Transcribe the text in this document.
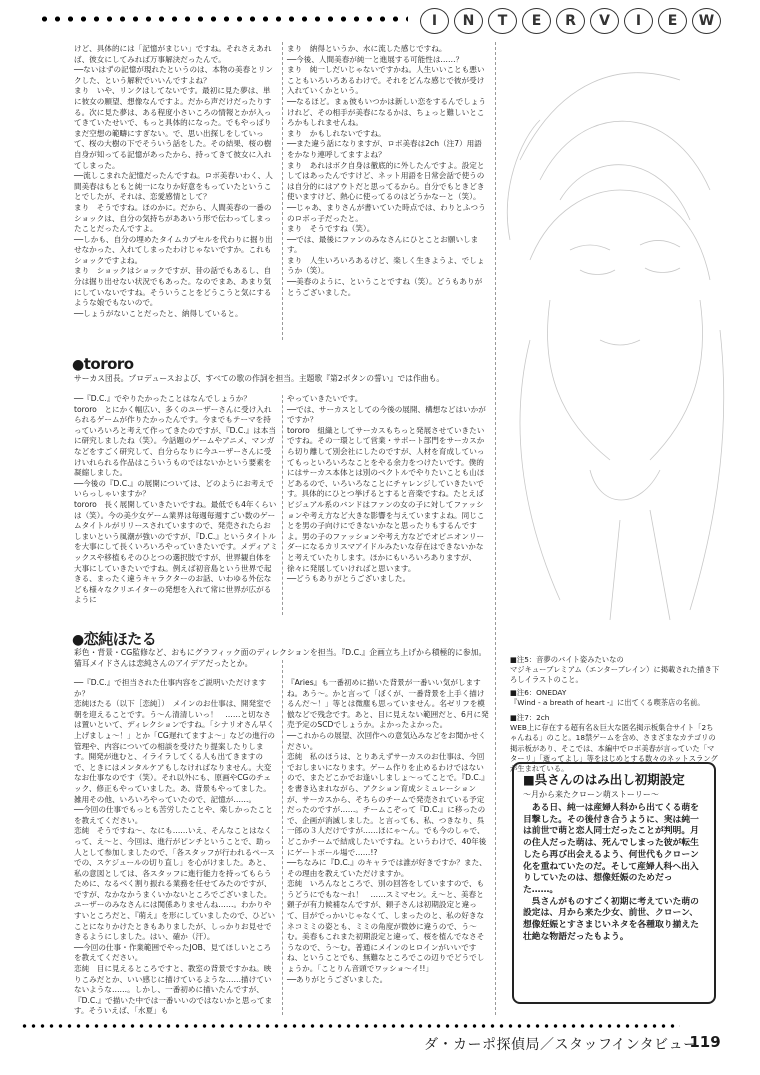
I	N	T	E	R	V	I	E	W
けど、具体的には「記憶がまじい」ですね。それさえあれば、彼女にしてみれば万事解決だったんで。
──ないはずの記憶が現れたというのは、本物の美春とリンクした、という解釈でいいんですよね？
まり　いや、リンクはしてないです。最初に見た夢は、単に彼女の願望、想像なんですよ。だから声だけだったりする。次に見た夢は、ある程度小さいころの情報とかが入ってきていたせいで、もっと具体的になった。でもやっぱりまだ空想の範疇にすぎない。で、思い出探しをしていって、桜の大樹の下でそういう話をした。その結果、桜の樹自身が知ってる記憶があったから、持ってきて彼女に入れてしまった。
──流しこまれた記憶だったんですね。ロボ美春いわく、人間美春はもともと純一になりか好意をもっていたということでしたが、それは、恋愛感情として？
まり　そうですね。ほのかに。だから、人間美春の一番のショックは、自分の気持ちがああいう形で伝わってしまったことだったんですよ。
──しかも、自分の埋めたタイムカプセルを代わりに掘り出せなかった、入れてしまったわけじゃないですか。これもショックですよね。
まり　ショックはショックですが、昔の話でもあるし、自分は掘り出せない状況でもあった。なのでまあ、あまり気にしていないですね。そういうことをどうこうと気にするような娘でもないので。
──しょうがないことだったと、納得していると。
まり　納得というか、水に流した感じですね。
──今後、人間美春が純一と進展する可能性は……？
まり　純一しだいじゃないですかね。人生いいことも悪いこともいろいろあるわけで。それをどんな感じで彼が受け入れていくかという。
──なるほど。まぁ彼もいつかは新しい恋をするんでしょうけれど、その相手が美春になるかは、ちょっと難しいところかもしれませんね。
まり　かもしれないですね。
──また違う話になりますが、ロボ美春は2ch（注7）用語をかなり連呼してますよね？
まり　あれはボク自身は徹底的に外したんですよ。設定としてはあったんですけど、ネット用語を日常会話で使うのは自分的にはアウトだと思ってるから。自分でもときどき使いますけど、熱心に使ってるのはどうかなーと（笑）。
──じゃあ、まりさんが書いていた時点では、わりとふつうのロボっ子だったと。
まり　そうですね（笑）。
──では、最後にファンのみなさんにひとことお願いします。
まり　人生いろいろあるけど、楽しく生きようよ、でしょうか（笑）。
──美春のように、ということですね（笑）。どうもありがとうございました。
● tororo
サーカス団長。プロデュースおよび、すべての歌の作詞を担当。主題歌『第2ボタンの誓い』では作曲も。
──『D.C.』でやりたかったことはなんでしょうか？
tororo　とにかく幅広い、多くのユーザーさんに受け入れられるゲームが作りたかったんです。今までもテーマを持っていろいろと考えて作ってきたのですが、『D.C.』は本当に研究しましたね（笑）。今話題のゲームやアニメ、マンガなどをすごく研究して、自分らなりに今ユーザーさんに受けいれられる作品はこういうものではないかという要素を凝縮しました。
──今後の『D.C.』の展開については、どのようにお考えでいらっしゃいますか？
tororo　長く展開していきたいですね。最低でも4年くらいは（笑）。今の美少女ゲーム業界は毎週毎週すごい数のゲームタイトルがリリースされていますので、発売されたらおしまいという風潮が強いのですが、『D.C.』というタイトルを大事にして長くいろいろやっていきたいです。メディアミックスや移植もそのひとつの選択肢ですが、世界観自体を大事にしていきたいですね。例えば初音島という世界で起きる、まったく違うキャラクターのお話、いわゆる外伝なども様々なクリエイターの発想を入れて常に世界が広がるように
やっていきたいです。
──では、サーカスとしての今後の展開、構想などはいかがですか？
tororo　組織としてサーカスもちっと発展させていきたいですね。その一環として営業・サポート部門をサーカスから切り離して別会社にしたのですが、人材を育成していってもっといろいろなことをやる余力をつけたいです。僕的にはサーカス本体とは別のベクトルでやりたいことも山ほどあるので、いろいろなことにチャレンジしていきたいです。具体的にひとつ挙げるとすると音楽ですね。たとえばビジュアル系のバンドはファンの女の子に対してファッションや考え方など大きな影響を与えていますよね。同じことを男の子向けにできないかなと思ったりもするんですよ。男の子のファッションや考え方などでオピニオンリーダーになるカリスマアイドルみたいな存在はできないかなと考えていたりします。ほかにもいろいろありますが、徐々に発展していければと思います。
──どうもありがとうございました。
● 恋純ほたる
彩色・背景・CG監修など、おもにグラフィック面のディレクションを担当。『D.C.』企画立ち上げから積極的に参加。猫耳メイドさんは恋純さんのアイデアだったとか。
──『D.C.』で担当された仕事内容をご説明いただけますか？
恋純ほたる（以下［恋純］）　メインのお仕事は、開発室で朝を迎えることです。う〜ん清清しいっ！　……と切なさは置いといて、ディレクションですね。「シナリオさん早く上げましょ〜！」とか「CG遅れてますよ〜」などの進行の管理や、内容についての相談を受けたり提案したりします。開発が進むと、イライラしてくる人も出てきますので、ときにはメンタルケアもしなければなりません。大変なお仕事なのです（笑）。それ以外にも、原画やCGのチェック、修正もやっていました。あ、背景もやってました。雑用その他、いろいろやっていたので、記憶が……。
──今回の仕事でもっとも苦労したことや、楽しかったことを教えてください。
恋純　そうですね〜、なにも……いえ、そんなことはなくって、え〜と、今回は、進行がピンチということで、助っ人として参加しましたので、「各スタッフが行われるペースでの、スケジュールの切り直し」を心がけました。あと、私の意図としては、各スタッフに進行能力を持ってもらうために、なるべく割り振れる業務を任せてみたのですが、ですが、なかなかうまくいかないところでございました。ユーザーのみなさんには関係ありませんね……。わかりやすいところだと、『萌え』を形にしていましたので、ひどいことになりかけたときもありましたが、しっかりお見せできるようにしました。はい、確か（汗）。
──今回の仕事・作業範囲でやったJOB、見てほしいところを教えてください。
恋純　目に見えるところですと、教室の背景ですかね。映りこみだとか、いい感じに描けているような……描けていないような……。しかし、一番初めに描いたんですが、『D.C.』で描いた中では一番いいのではないかと思ってます。そういえば、「水夏」も
『Aries』も一番初めに描いた背景が一番いい気がしますね。あう〜。かと言って「ぼくが、一番背景を上手く描けるんだ〜！」等とは微塵も思っていません。名ゼリフを模倣などで残念です。あと、目に見えない範囲だと、6月に発売予定のSCDでしょうか。よかったよかった。
──これからの展望、次回作への意気込みなどをお聞かせください。
恋純　私のほうは、とりあえずサーカスのお仕事は、今回でおしまいになります。ゲーム作りを止めるわけではないので、またどこかでお逢いしましょ〜ってことで。『D.C.』を書き込まれながら、アクション育成シミュレーションが、サーカスから、そちらのチームで発売されている予定だったのですが……。チームこぞって『D.C.』に移ったので、企画が消滅しました。と言っても、私、つきなり、呉一郎の３人だけですが……ほにゃ〜ん。でも今のしゃで、どこかチームで結成したいですね。というわけで、40年後にゲートボール場で……!?
──ちなみに『D.C.』のキャラでは誰が好きですか？また、その理由を教えていただけますか。
恋純　いろんなところで、別の回答をしていますので、もうどうにでもな〜れ！　……スミマセン。え〜と、美春と頼子が有力候補なんですが、頼子さんは初期設定と違って、目がでっかいじゃなくて、しまったのと、私の好きなネコミミの姿とも、ミミの角度が微妙に違うので、う〜む。美春もこれまた初期設定と違って、桜を植んでなさそうなので、う〜む。普通にメインのヒロインがいいですね、ということでも、無難なところでこの辺りでどうでしょうか。「ことりん音頭でワッショ〜イ!!」
──ありがとうございました。
■注5：音夢のバイト姿みたいなの
マジキューブレミアム（エンターブレイン）に掲載された描き下ろしイラストのこと。
■注6：ONEDAY
『Wind ‐ a breath of heart ‐』に出てくる喫茶店の名前。
■注7：2ch
WEB上に存在する超有名＆巨大な匿名掲示板集合サイト「2ちゃんねる」のこと。18禁ゲームを含め、さまざまなカテゴリの掲示板があり、そこでは、本編中でロボ美春が言っていた「マターリ」「逝ってよし」等をはじめとする数々のネットスラングが生まれている。
■呉さんのはみ出し初期設定
〜月から来たクローン萌ストーリー〜
　ある日、純一は産婦人科から出てくる萌を目撃した。その後付き合うように、実は純一は前世で萌と恋人同士だったことが判明。月の住人だった萌は、死んでしまった彼が転生したら再び出会えるよう、何世代もクローン化を重ねていたのだ。そして産婦人科へ出入りしていたのは、想像妊娠のためだった……。
　呉さんがものすごく初期に考えていた萌の設定は、月から来た少女、前世、クローン、想像妊娠とすさまじいネタを各種取り揃えた壮絶な物語だったもよう。
ダ・カーポ探偵局／スタッフインタビュー
119
